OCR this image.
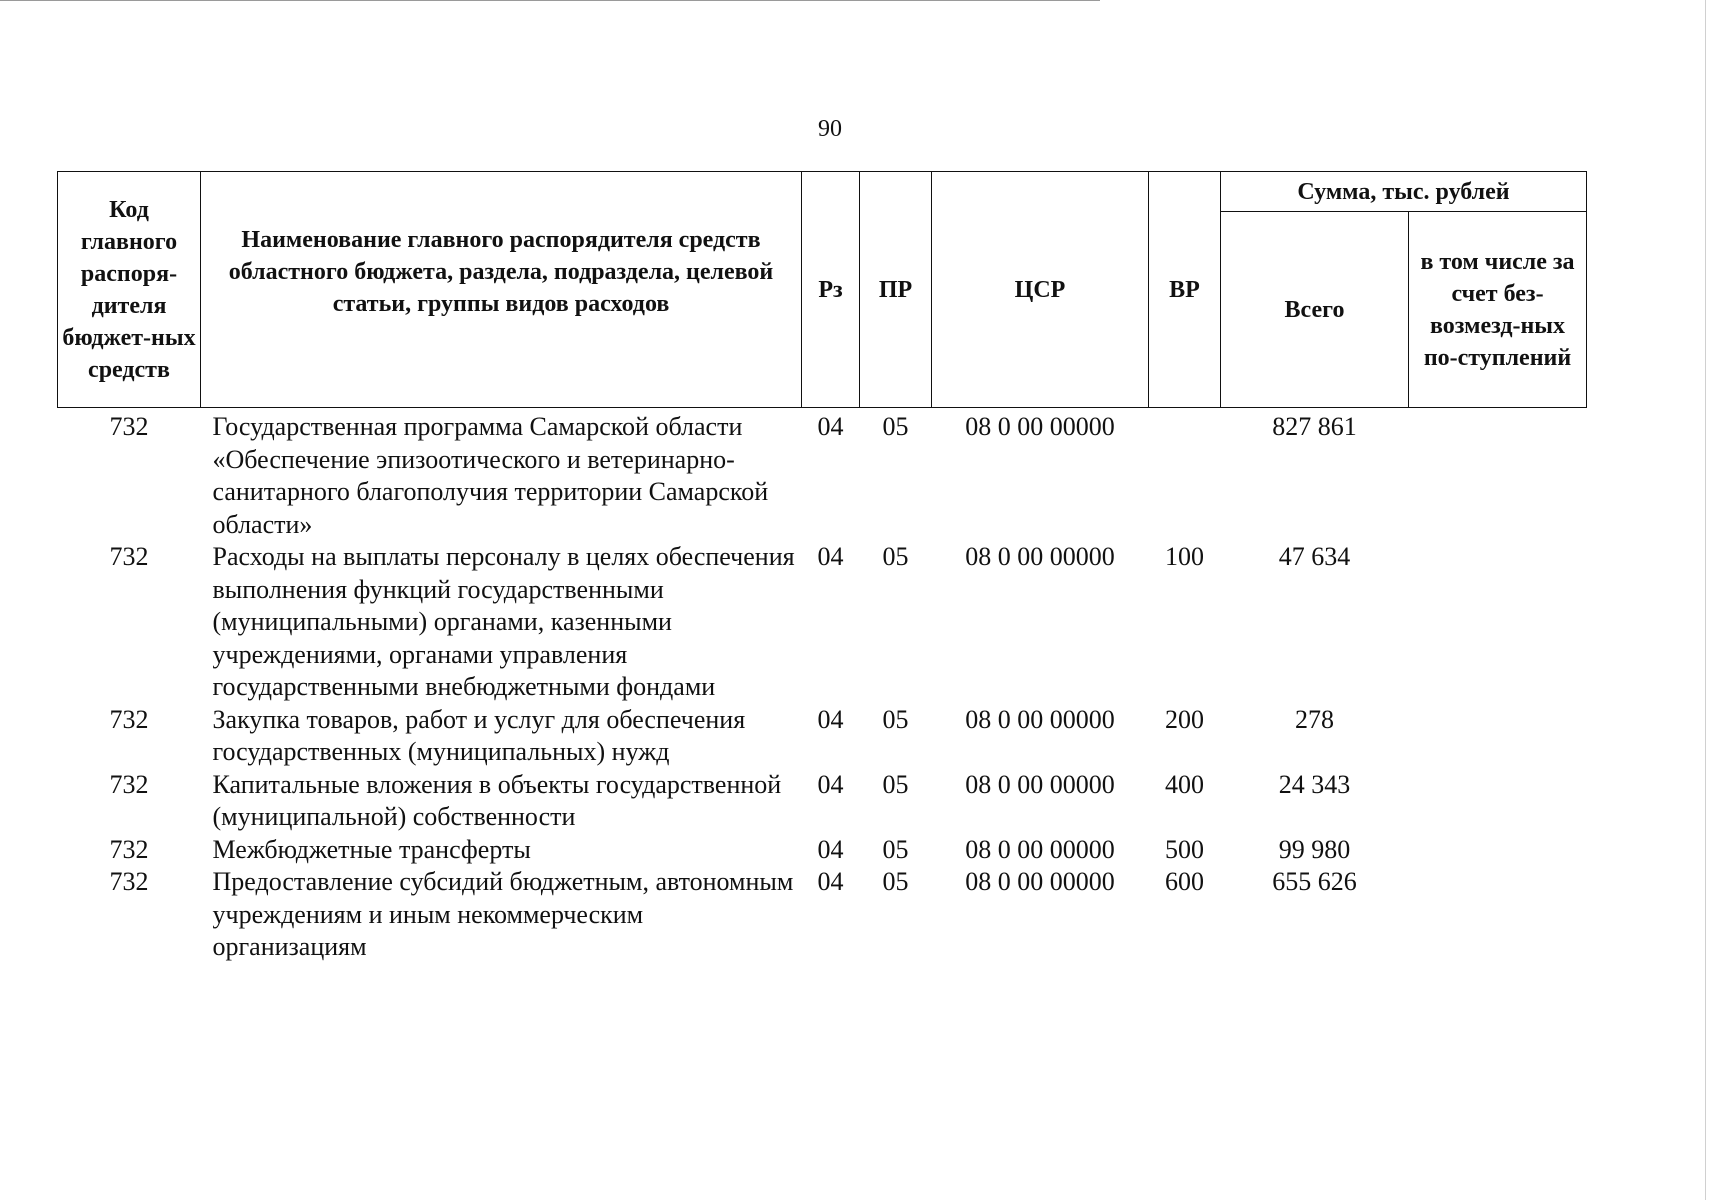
90
Код главного распоря-дителя бюджет-ных средств	Наименование главного распорядителя средств областного бюджета, раздела, подраздела, целевой статьи, группы видов расходов	Рз	ПР	ЦСР	ВР	Сумма, тыс. рублей	
						Всего	в том числе за счет без-возмезд-ных по-ступлений
732	Государственная программа Самарской области «Обеспечение эпизоотического и ветеринарно-санитарного благополучия территории Самарской области»	04	05	08 0 00 00000		827 861	
732	Расходы на выплаты персоналу в целях обеспечения выполнения функций государственными (муниципальными) органами, казенными учреждениями, органами управления государственными внебюджетными фондами	04	05	08 0 00 00000	100	47 634	
732	Закупка товаров, работ и услуг для обеспечения государственных (муниципальных) нужд	04	05	08 0 00 00000	200	278	
732	Капитальные вложения в объекты государственной (муниципальной) собственности	04	05	08 0 00 00000	400	24 343	
732	Межбюджетные трансферты	04	05	08 0 00 00000	500	99 980	
732	Предоставление субсидий бюджетным, автономным учреждениям и иным некоммерческим организациям	04	05	08 0 00 00000	600	655 626	
